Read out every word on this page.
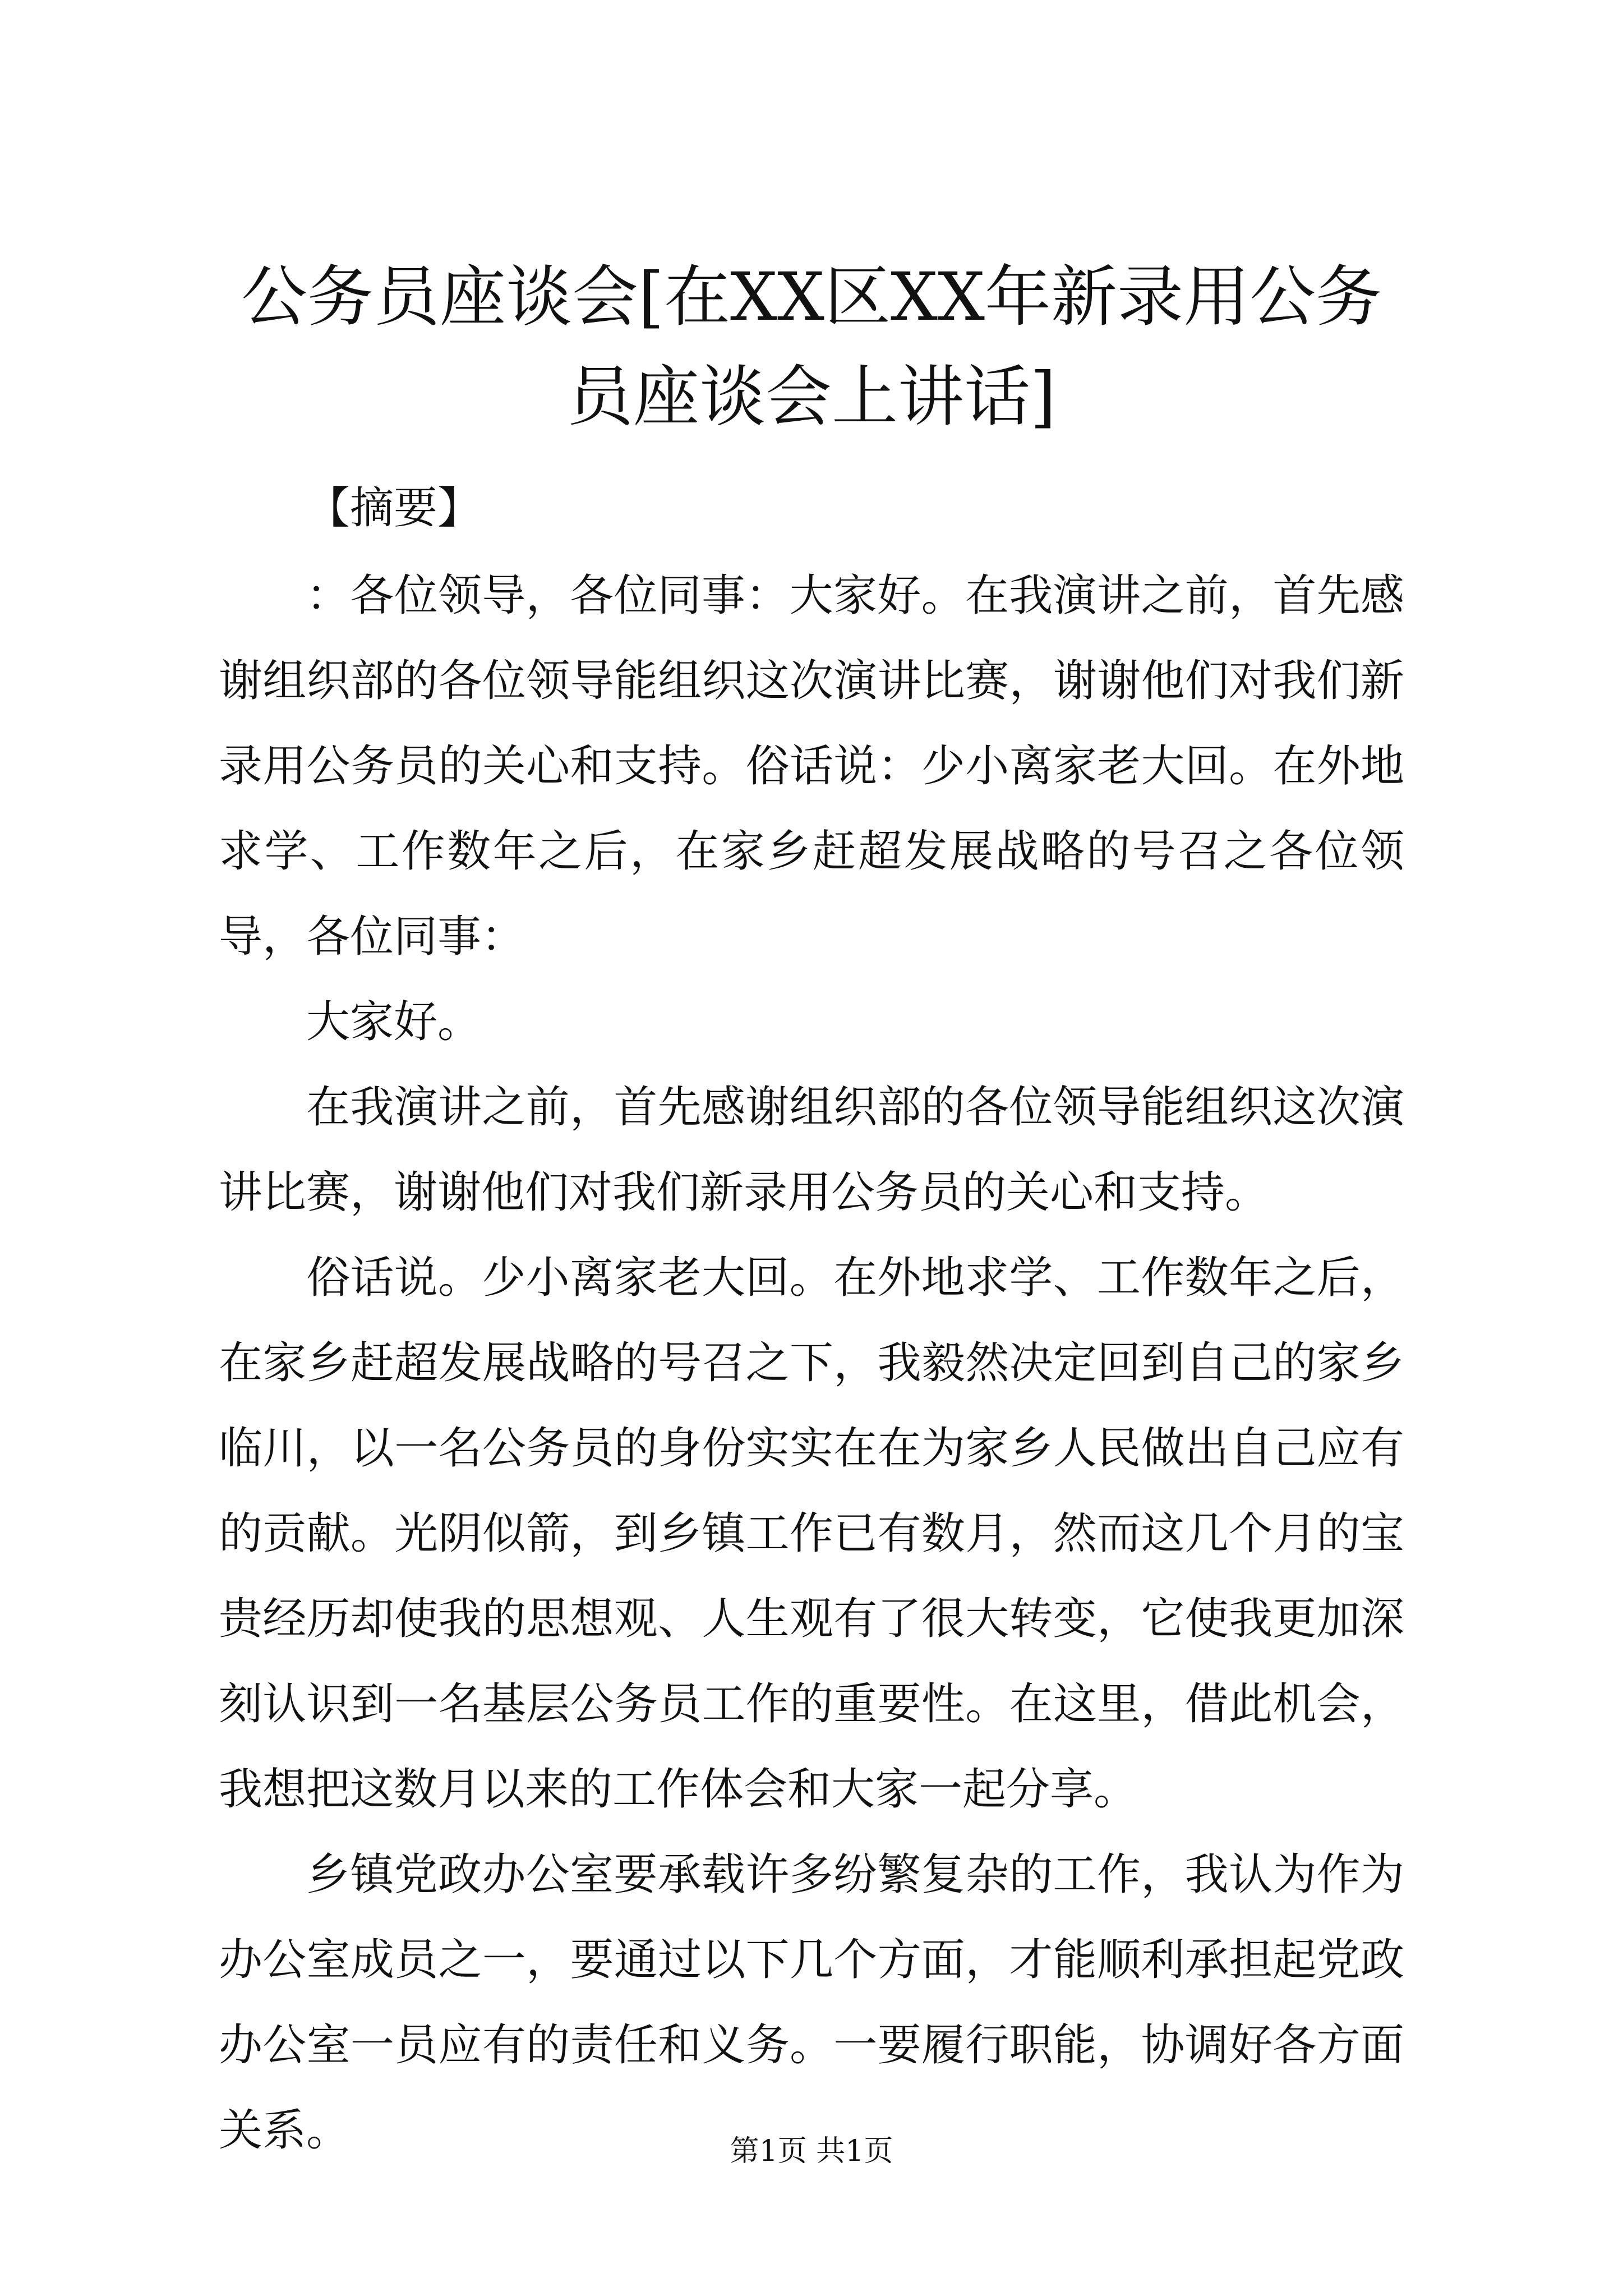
公务员座谈会[在XX区XX年新录用公务员座谈会上讲话]

【摘要】

：各位领导，各位同事：大家好。在我演讲之前，首先感谢组织部的各位领导能组织这次演讲比赛，谢谢他们对我们新录用公务员的关心和支持。俗话说：少小离家老大回。在外地求学、工作数年之后，在家乡赶超发展战略的号召之各位领导，各位同事：

大家好。

在我演讲之前，首先感谢组织部的各位领导能组织这次演讲比赛，谢谢他们对我们新录用公务员的关心和支持。

俗话说。少小离家老大回。在外地求学、工作数年之后，在家乡赶超发展战略的号召之下，我毅然决定回到自己的家乡临川，以一名公务员的身份实实在在为家乡人民做出自己应有的贡献。光阴似箭，到乡镇工作已有数月，然而这几个月的宝贵经历却使我的思想观、人生观有了很大转变，它使我更加深刻认识到一名基层公务员工作的重要性。在这里，借此机会，我想把这数月以来的工作体会和大家一起分享。

乡镇党政办公室要承载许多纷繁复杂的工作，我认为作为办公室成员之一，要通过以下几个方面，才能顺利承担起党政办公室一员应有的责任和义务。一要履行职能，协调好各方面关系。	第1页 共1页
